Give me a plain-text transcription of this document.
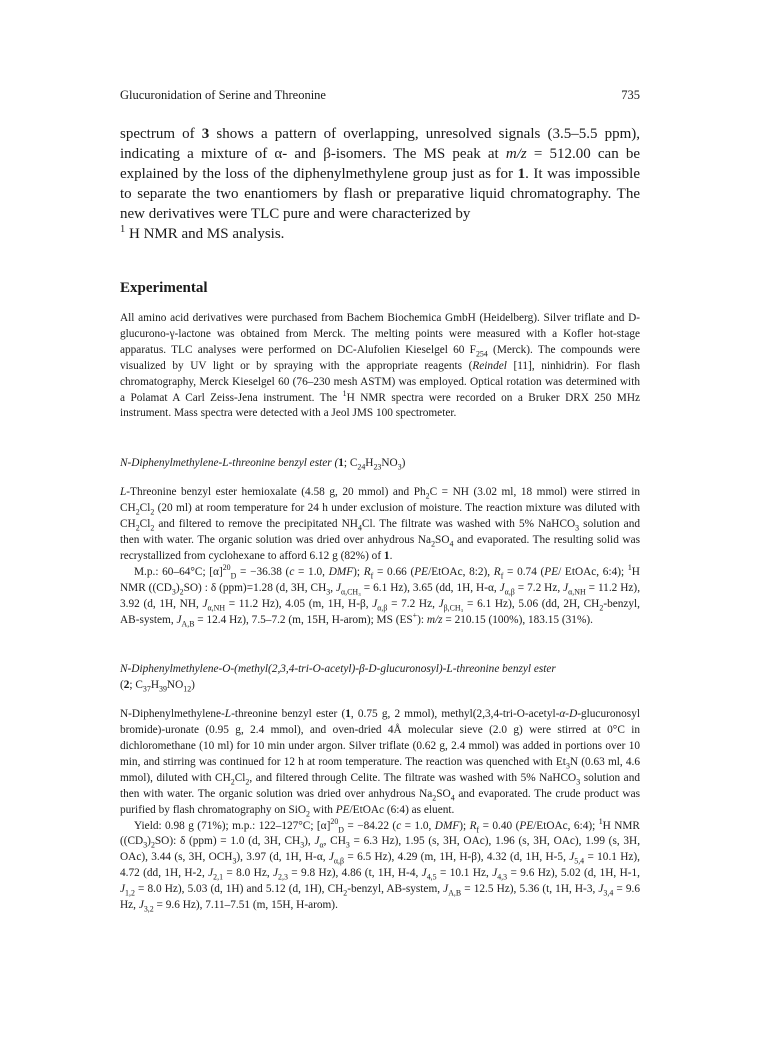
Glucuronidation of Serine and Threonine	735

spectrum of 3 shows a pattern of overlapping, unresolved signals (3.5–5.5 ppm), indicating a mixture of α- and β-isomers. The MS peak at m/z = 512.00 can be explained by the loss of the diphenylmethylene group just as for 1. It was impossible to separate the two enantiomers by flash or preparative liquid chromatography. The new derivatives were TLC pure and were characterized by
$^1$ H NMR and MS analysis.

Experimental

All amino acid derivatives were purchased from Bachem Biochemica GmbH (Heidelberg). Silver triflate and D-glucurono-γ-lactone was obtained from Merck. The melting points were measured with a Kofler hot-stage apparatus. TLC analyses were performed on DC-Alufolien Kieselgel 60 $F_{254}$ (Merck). The compounds were visualized by UV light or by spraying with the appropriate reagents (Reindel [11], ninhidrin). For flash chromatography, Merck Kieselgel 60 (76–230 mesh ASTM) was employed. Optical rotation was determined with a Polamat A Carl Zeiss-Jena instrument. The $^1$H NMR spectra were recorded on a Bruker DRX 250 MHz instrument. Mass spectra were detected with a Jeol JMS 100 spectrometer.

N-Diphenylmethylene-L-threonine benzyl ester (1; $C_{24}H_{23}NO_3$)

L-Threonine benzyl ester hemioxalate (4.58 g, 20 mmol) and $Ph_2C$ = NH (3.02 ml, 18 mmol) were stirred in $CH_2Cl_2$ (20 ml) at room temperature for 24 h under exclusion of moisture. The reaction mixture was diluted with $CH_2Cl_2$ and filtered to remove the precipitated $NH_4Cl$. The filtrate was washed with 5% NaHCO$_3$ solution and then with water. The organic solution was dried over anhydrous $Na_2SO_4$ and evaporated. The resulting solid was recrystallized from cyclohexane to afford 6.12 g (82%) of 1.

M.p.: 60–64°C; $[\alpha]^{20}_D = -36.38$ (c = 1.0, DMF); $R_f = 0.66$ (PE/EtOAc, 8:2), $R_f = 0.74$ (PE/ EtOAc, 6:4); $^1$H NMR $((CD_3)_2SO)$ : δ (ppm)=1.28 (d, 3H, $CH_3$, $J_{\alpha,CH_3} = 6.1$ Hz), 3.65 (dd, 1H, H-α, $J_{\alpha,\beta} = 7.2$ Hz, $J_{\alpha,NH} = 11.2$ Hz), 3.92 (d, 1H, NH, $J_{\alpha,NH} = 11.2$ Hz), 4.05 (m, 1H, H-β, $J_{\alpha,\beta} = 7.2$ Hz, $J_{\beta,CH_3} = 6.1$ Hz), 5.06 (dd, 2H, $CH_2$-benzyl, AB-system, $J_{A,B} = 12.4$ Hz), 7.5–7.2 (m, 15H, H-arom); MS (ES+): m/z = 210.15 (100%), 183.15 (31%).

N-Diphenylmethylene-O-(methyl(2,3,4-tri-O-acetyl)-β-D-glucuronosyl)-L-threonine benzyl ester
(2; $C_{37}H_{39}NO_{12}$)

N-Diphenylmethylene-L-threonine benzyl ester (1, 0.75 g, 2 mmol), methyl(2,3,4-tri-O-acetyl-α-D-glucuronosyl bromide)-uronate (0.95 g, 2.4 mmol), and oven-dried 4Å molecular sieve (2.0 g) were stirred at 0°C in dichloromethane (10 ml) for 10 min under argon. Silver triflate (0.62 g, 2.4 mmol) was added in portions over 10 min, and stirring was continued for 12 h at room temperature. The reaction was quenched with $Et_3N$ (0.63 ml, 4.6 mmol), diluted with $CH_2Cl_2$, and filtered through Celite. The filtrate was washed with 5% NaHCO$_3$ solution and then with water. The organic solution was dried over anhydrous $Na_2SO_4$ and evaporated. The crude product was purified by flash chromatography on SiO$_2$ with PE/EtOAc (6:4) as eluent.

Yield: 0.98 g (71%); m.p.: 122–127°C; $[\alpha]^{20}_D = -84.22$ (c = 1.0, DMF); $R_f = 0.40$ (PE/EtOAc, 6:4); $^1$H NMR $((CD_3)_2SO)$: δ (ppm) = 1.0 (d, 3H, $CH_3$), $J_\alpha$, $CH_3 = 6.3$ Hz), 1.95 (s, 3H, OAc), 1.96 (s, 3H, OAc), 1.99 (s, 3H, OAc), 3.44 (s, 3H, $OCH_3$), 3.97 (d, 1H, H-α, $J_{\alpha,\beta} = 6.5$ Hz), 4.29 (m, 1H, H-β), 4.32 (d, 1H, H-5, $J_{5,4} = 10.1$ Hz), 4.72 (dd, 1H, H-2, $J_{2,1} = 8.0$ Hz, $J_{2,3} = 9.8$ Hz), 4.86 (t, 1H, H-4, $J_{4,5} = 10.1$ Hz, $J_{4,3} = 9.6$ Hz), 5.02 (d, 1H, H-1, $J_{1,2} = 8.0$ Hz), 5.03 (d, 1H) and 5.12 (d, 1H), $CH_2$-benzyl, AB-system, $J_{A,B} = 12.5$ Hz), 5.36 (t, 1H, H-3, $J_{3,4} = 9.6$ Hz, $J_{3,2} = 9.6$ Hz), 7.11–7.51 (m, 15H, H-arom).
